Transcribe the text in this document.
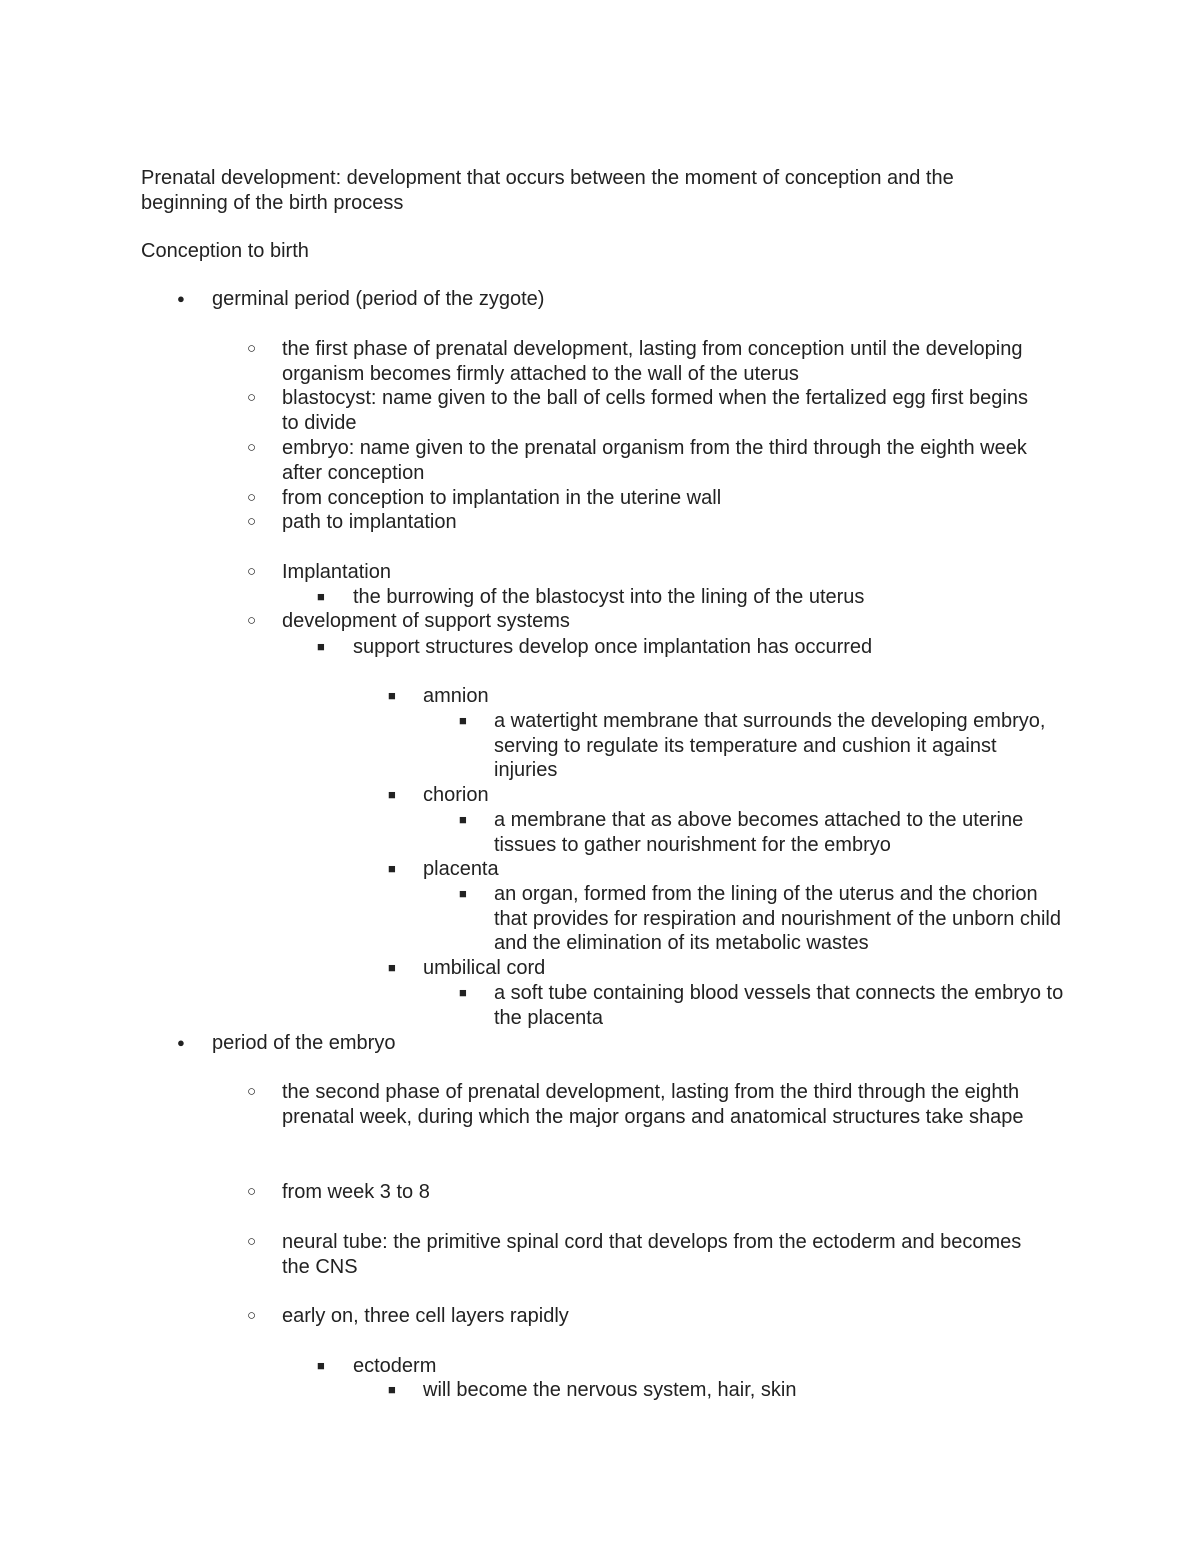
Prenatal development: development that occurs between the moment of conception and the beginning of the birth process

Conception to birth

●	germinal period (period of the zygote)
○	the first phase of prenatal development, lasting from conception until the developing organism becomes firmly attached to the wall of the uterus
○	blastocyst: name given to the ball of cells formed when the fertalized egg first begins to divide
○	embryo: name given to the prenatal organism from the third through the eighth week after conception
○	from conception to implantation in the uterine wall
○	path to implantation
○	Implantation
■	the burrowing of the blastocyst into the lining of the uterus
○	development of support systems
■	support structures develop once implantation has occurred
■	amnion
■	a watertight membrane that surrounds the developing embryo, serving to regulate its temperature and cushion it against injuries
■	chorion
■	a membrane that as above becomes attached to the uterine tissues to gather nourishment for the embryo
■	placenta
■	an organ, formed from the lining of the uterus and the chorion that provides for respiration and nourishment of the unborn child and the elimination of its metabolic wastes
■	umbilical cord
■	a soft tube containing blood vessels that connects the embryo to the placenta
●	period of the embryo
○	the second phase of prenatal development, lasting from the third through the eighth prenatal week, during which the major organs and anatomical structures take shape
○	from week 3 to 8
○	neural tube: the primitive spinal cord that develops from the ectoderm and becomes the CNS
○	early on, three cell layers rapidly
■	ectoderm
■	will become the nervous system, hair, skin
